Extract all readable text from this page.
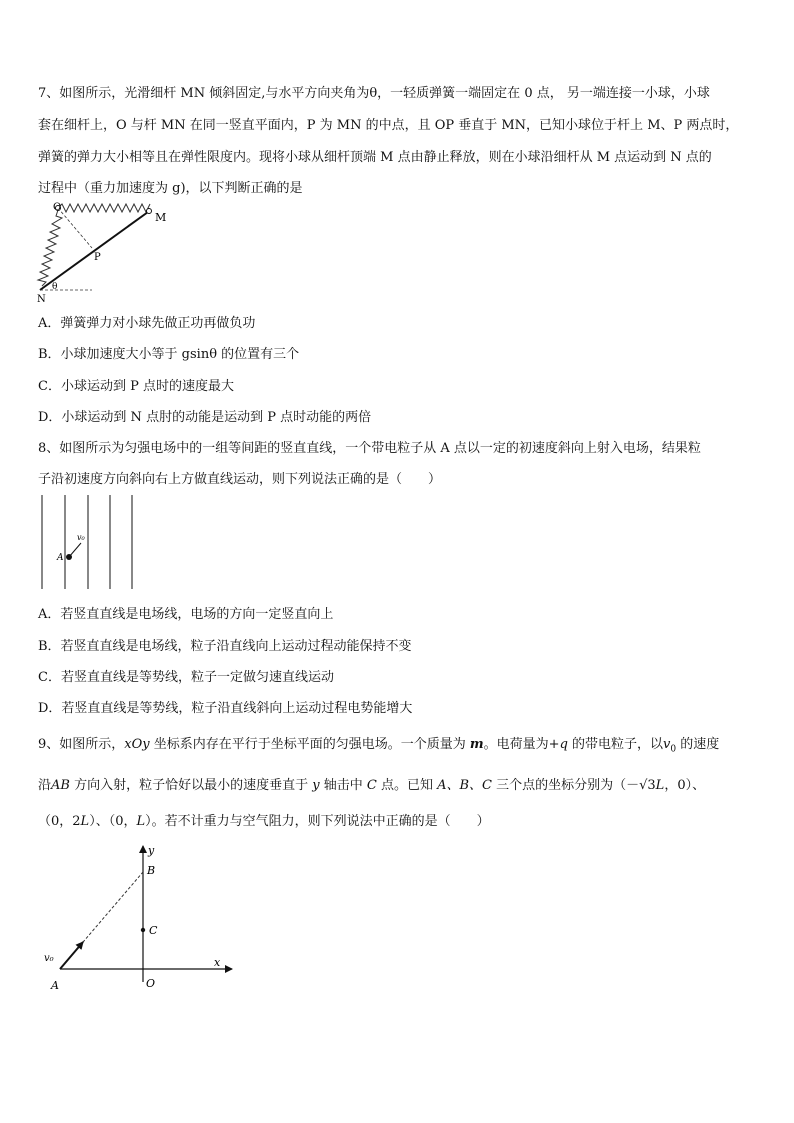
7、如图所示，光滑细杆 MN 倾斜固定,与水平方向夹角为θ，一轻质弹簧一端固定在 0 点， 另一端连接一小球，小球
套在细杆上，O 与杆 MN 在同一竖直平面内，P 为 MN 的中点，且 OP 垂直于 MN，已知小球位于杆上 M、P 两点时，
弹簧的弹力大小相等且在弹性限度内。现将小球从细杆顶端 M 点由静止释放，则在小球沿细杆从 M 点运动到 N 点的
过程中（重力加速度为 g)，以下判断正确的是
O
M
P
N
θ
A．弹簧弹力对小球先做正功再做负功
B．小球加速度大小等于 gsinθ 的位置有三个
C．小球运动到 P 点时的速度最大
D．小球运动到 N 点肘的动能是运动到 P 点时动能的两倍
8、如图所示为匀强电场中的一组等间距的竖直直线，一个带电粒子从 A 点以一定的初速度斜向上射入电场，结果粒
子沿初速度方向斜向右上方做直线运动，则下列说法正确的是（　　）
A
v₀
A．若竖直直线是电场线，电场的方向一定竖直向上
B．若竖直直线是电场线，粒子沿直线向上运动过程动能保持不变
C．若竖直直线是等势线，粒子一定做匀速直线运动
D．若竖直直线是等势线，粒子沿直线斜向上运动过程电势能增大
9、如图所示，xOy 坐标系内存在平行于坐标平面的匀强电场。一个质量为 m。电荷量为+q 的带电粒子，以$v_0$ 的速度
沿AB 方向入射，粒子恰好以最小的速度垂直于 y 轴击中 C 点。已知 A、B、C 三个点的坐标分别为（－√3L，0）、
（0，2L）、（0，L）。若不计重力与空气阻力，则下列说法中正确的是（　　）
y
x
B
C
O
A
v₀
